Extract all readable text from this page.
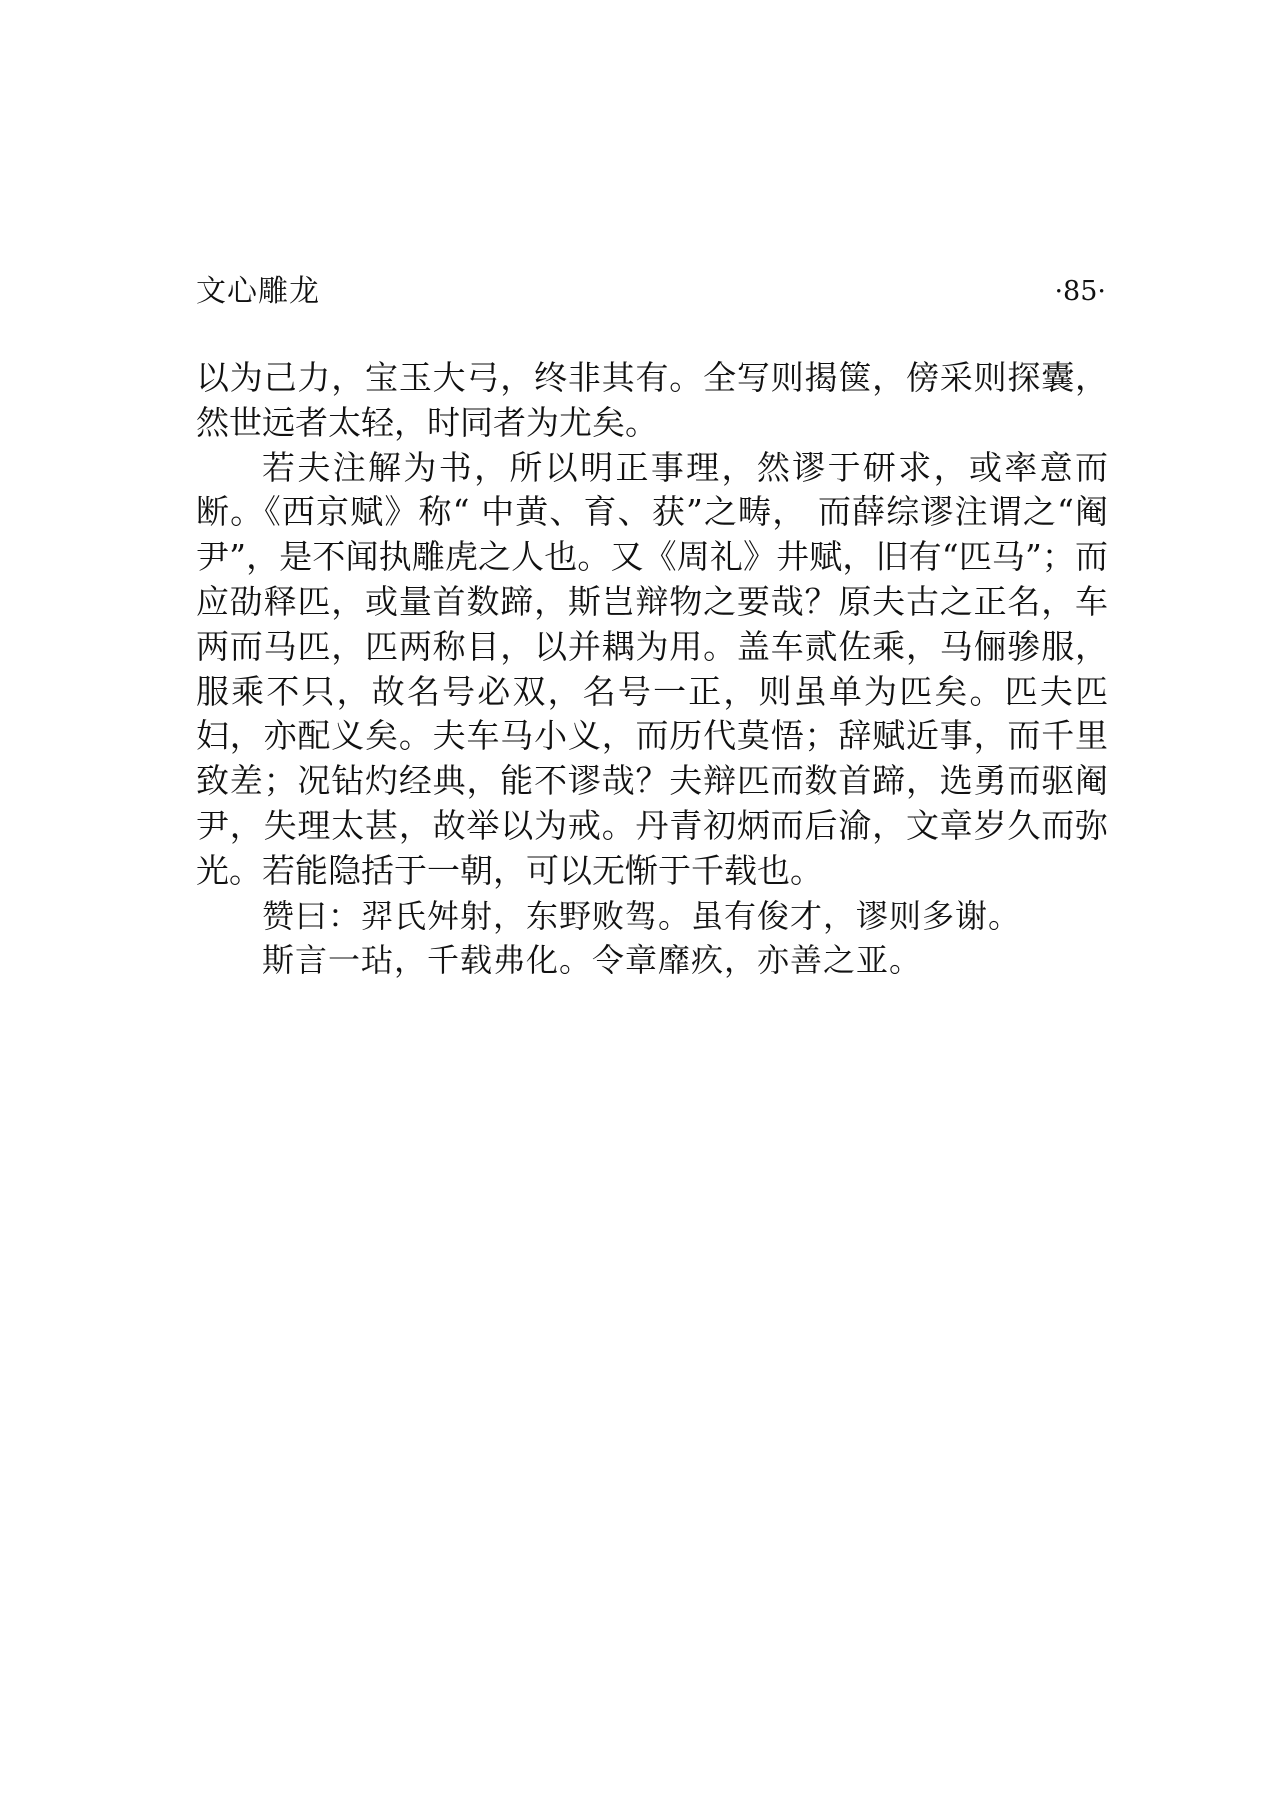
文心雕龙	·85·

以为己力，宝玉大弓，终非其有。全写则揭箧，傍采则探囊，然世远者太轻，时同者为尤矣。

若夫注解为书，所以明正事理，然谬于研求，或率意而断。《西京赋》称“ 中黄、育、获”之畴， 而薛综谬注谓之“阉尹”，是不闻执雕虎之人也。又《周礼》井赋，旧有“匹马”；而应劭释匹，或量首数蹄，斯岂辩物之要哉？原夫古之正名，车两而马匹，匹两称目，以并耦为用。盖车贰佐乘，马俪骖服，服乘不只，故名号必双，名号一正，则虽单为匹矣。匹夫匹妇，亦配义矣。夫车马小义，而历代莫悟；辞赋近事，而千里致差；况钻灼经典，能不谬哉？夫辩匹而数首蹄，选勇而驱阉尹，失理太甚，故举以为戒。丹青初炳而后渝，文章岁久而弥光。若能隐括于一朝，可以无惭于千载也。

赞曰：羿氏舛射，东野败驾。虽有俊才，谬则多谢。

斯言一玷，千载弗化。令章靡疚，亦善之亚。
